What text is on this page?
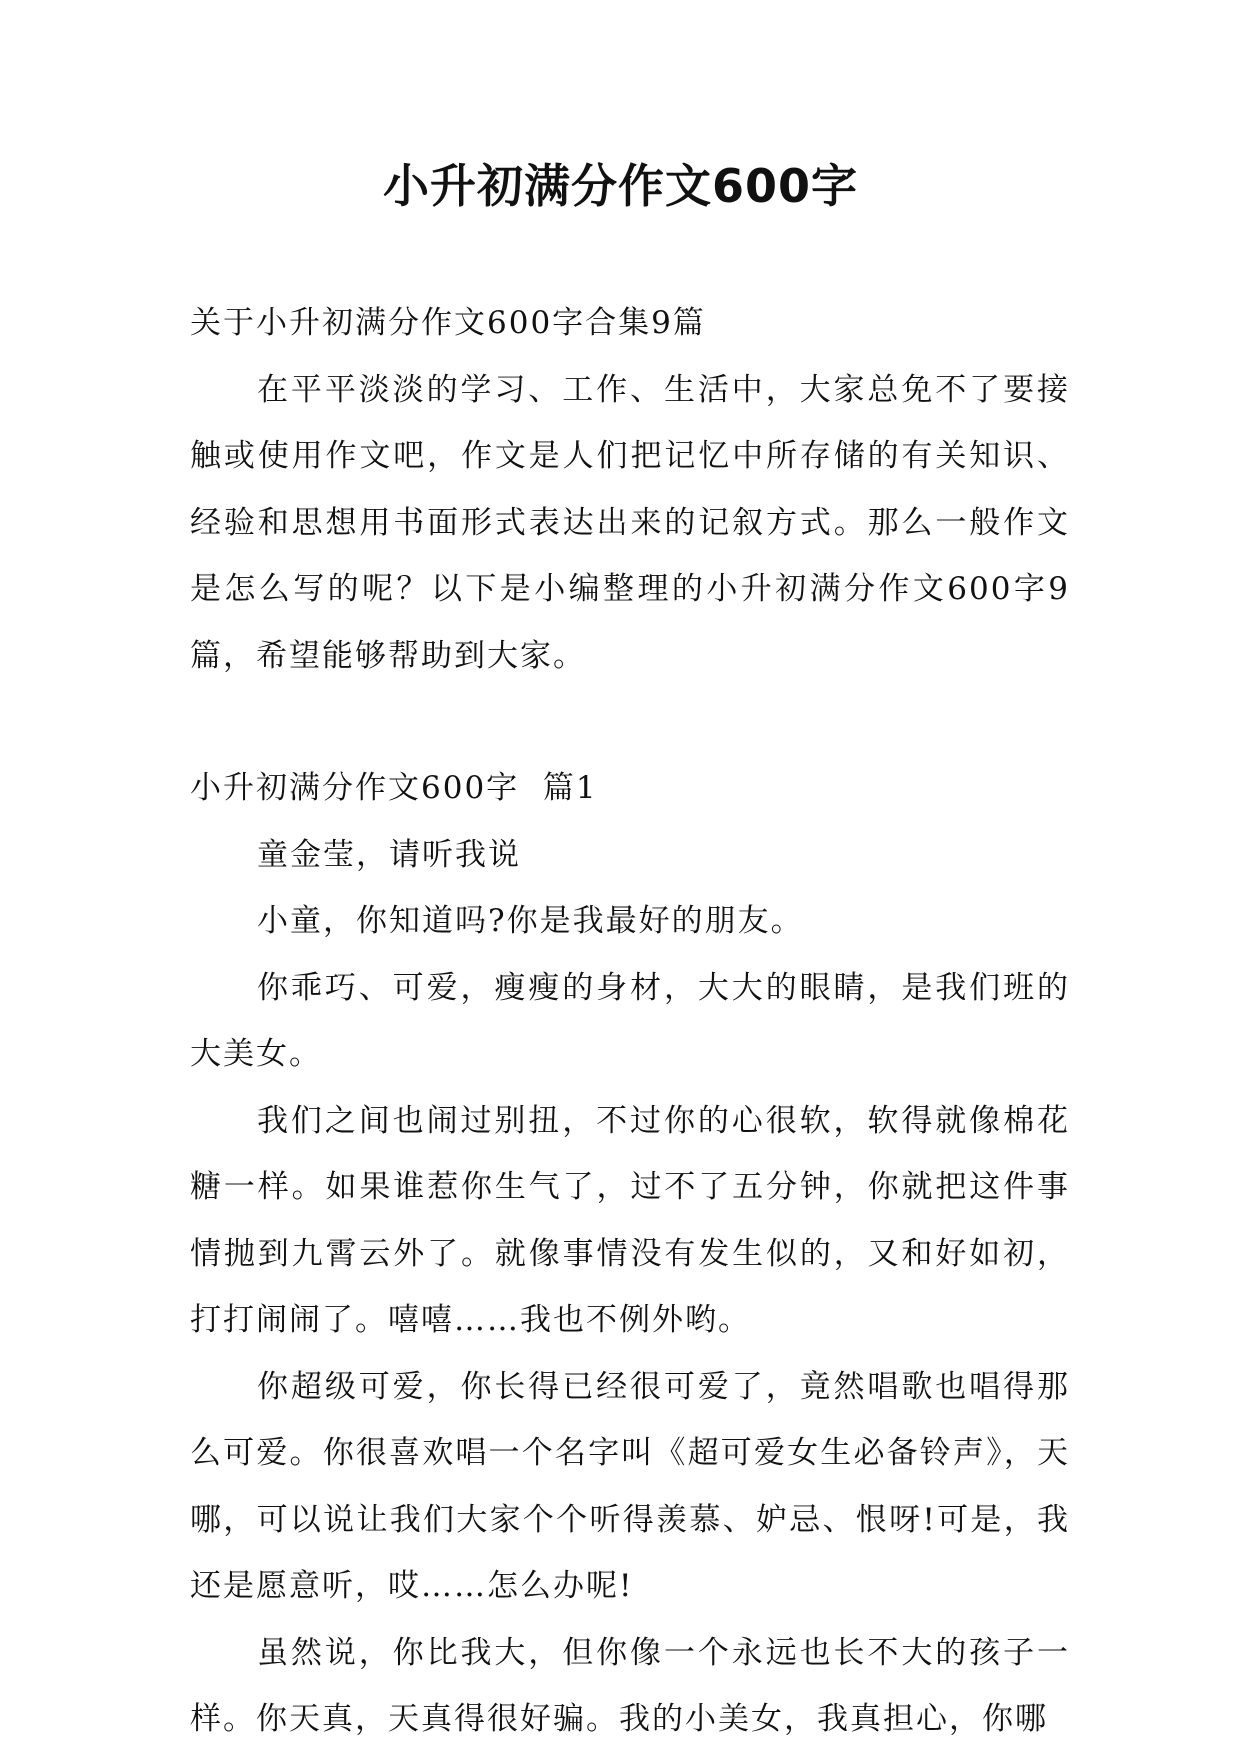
小升初满分作文600字

关于小升初满分作文600字合集9篇

在平平淡淡的学习、工作、生活中，大家总免不了要接触或使用作文吧，作文是人们把记忆中所存储的有关知识、经验和思想用书面形式表达出来的记叙方式。那么一般作文是怎么写的呢？以下是小编整理的小升初满分作文600字9篇，希望能够帮助到大家。

小升初满分作文600字  篇1

童金莹，请听我说

小童，你知道吗?你是我最好的朋友。

你乖巧、可爱，瘦瘦的身材，大大的眼睛，是我们班的大美女。

我们之间也闹过别扭，不过你的心很软，软得就像棉花糖一样。如果谁惹你生气了，过不了五分钟，你就把这件事情抛到九霄云外了。就像事情没有发生似的，又和好如初，打打闹闹了。嘻嘻……我也不例外哟。

你超级可爱，你长得已经很可爱了，竟然唱歌也唱得那么可爱。你很喜欢唱一个名字叫《超可爱女生必备铃声》，天哪，可以说让我们大家个个听得羡慕、妒忌、恨呀!可是，我还是愿意听，哎……怎么办呢!

虽然说，你比我大，但你像一个永远也长不大的孩子一样。你天真，天真得很好骗。我的小美女，我真担心，你哪
